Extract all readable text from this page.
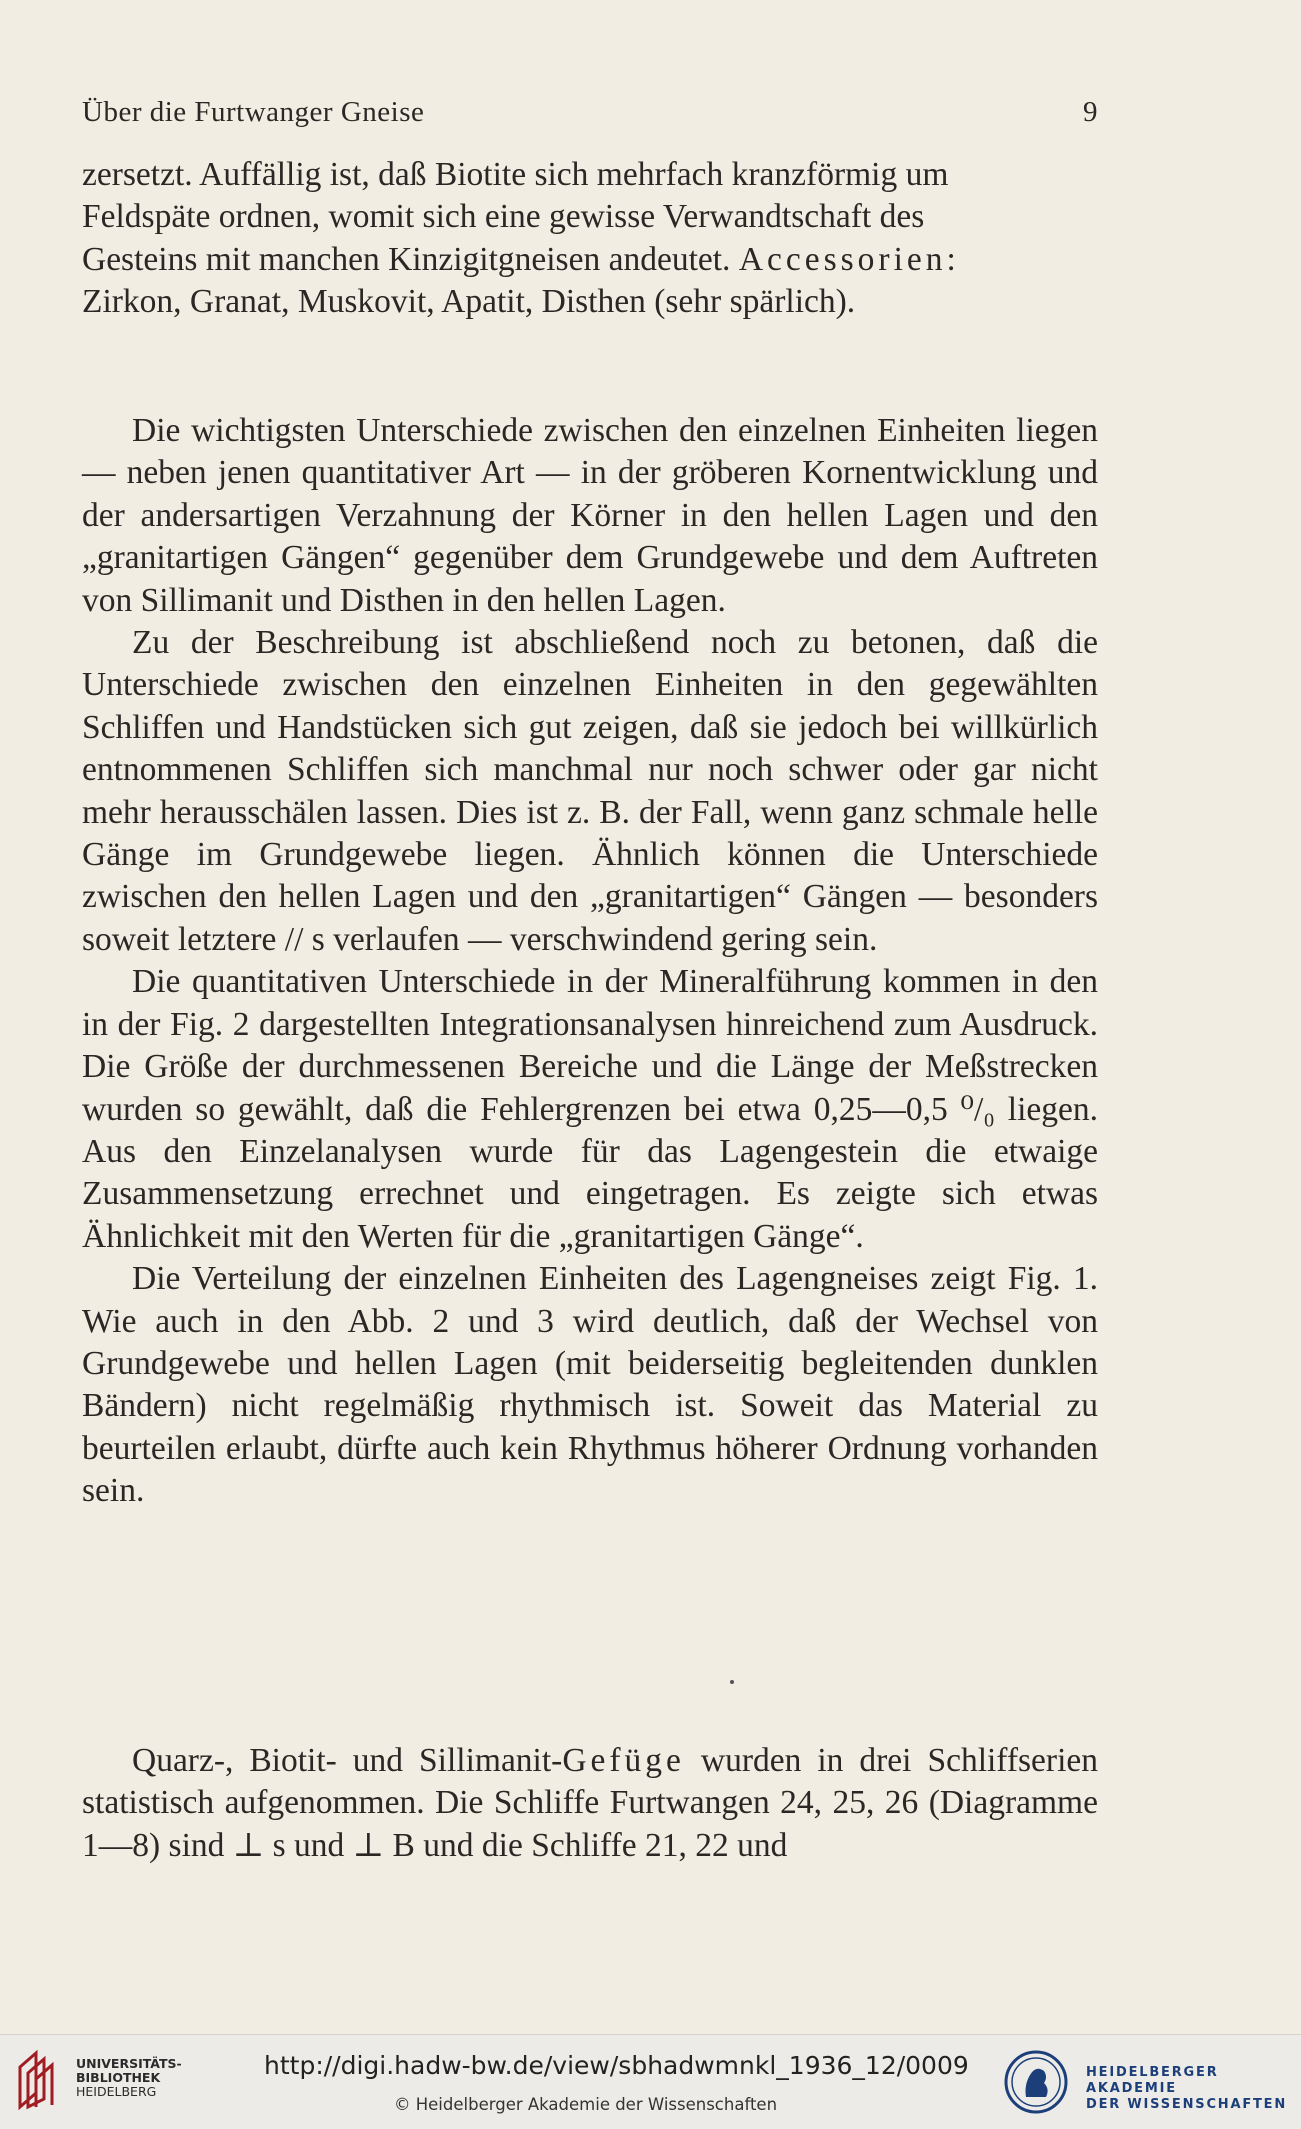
Über die Furtwanger Gneise	9

zersetzt. Auffällig ist, daß Biotite sich mehrfach kranzförmig um

Feldspäte ordnen, womit sich eine gewisse Verwandtschaft des

Gesteins mit manchen Kinzigitgneisen andeutet. Accessorien:

Zirkon, Granat, Muskovit, Apatit, Disthen (sehr spärlich).

Die wichtigsten Unterschiede zwischen den einzelnen Einheiten liegen — neben jenen quantitativer Art — in der gröberen Kornentwicklung und der andersartigen Verzahnung der Körner in den hellen Lagen und den „granitartigen Gängen“ gegenüber dem Grundgewebe und dem Auftreten von Sillimanit und Disthen in den hellen Lagen.

Zu der Beschreibung ist abschließend noch zu betonen, daß die Unterschiede zwischen den einzelnen Einheiten in den gegewählten Schliffen und Handstücken sich gut zeigen, daß sie jedoch bei willkürlich entnommenen Schliffen sich manchmal nur noch schwer oder gar nicht mehr herausschälen lassen. Dies ist z. B. der Fall, wenn ganz schmale helle Gänge im Grundgewebe liegen. Ähnlich können die Unterschiede zwischen den hellen Lagen und den „granitartigen“ Gängen — besonders soweit letztere // s verlaufen — verschwindend gering sein.

Die quantitativen Unterschiede in der Mineralführung kommen in den in der Fig. 2 dargestellten Integrationsanalysen hinreichend zum Ausdruck. Die Größe der durchmessenen Bereiche und die Länge der Meßstrecken wurden so gewählt, daß die Fehlergrenzen bei etwa 0,25—0,5 ⁰/₀ liegen. Aus den Einzelanalysen wurde für das Lagengestein die etwaige Zusammensetzung errechnet und eingetragen. Es zeigte sich etwas Ähnlichkeit mit den Werten für die „granitartigen Gänge“.

Die Verteilung der einzelnen Einheiten des Lagengneises zeigt Fig. 1. Wie auch in den Abb. 2 und 3 wird deutlich, daß der Wechsel von Grundgewebe und hellen Lagen (mit beiderseitig begleitenden dunklen Bändern) nicht regelmäßig rhythmisch ist. Soweit das Material zu beurteilen erlaubt, dürfte auch kein Rhythmus höherer Ordnung vorhanden sein.

Quarz-, Biotit- und Sillimanit-Gefüge wurden in drei Schliffserien statistisch aufgenommen. Die Schliffe Furtwangen 24, 25, 26 (Diagramme 1—8) sind ⊥ s und ⊥ B und die Schliffe 21, 22 und

UNIVERSITÄTS-
BIBLIOTHEK
HEIDELBERG
http://digi.hadw-bw.de/view/sbhadwmnkl_1936_12/0009
© Heidelberger Akademie der Wissenschaften
HEIDELBERGER AKADEMIE
DER WISSENSCHAFTEN
